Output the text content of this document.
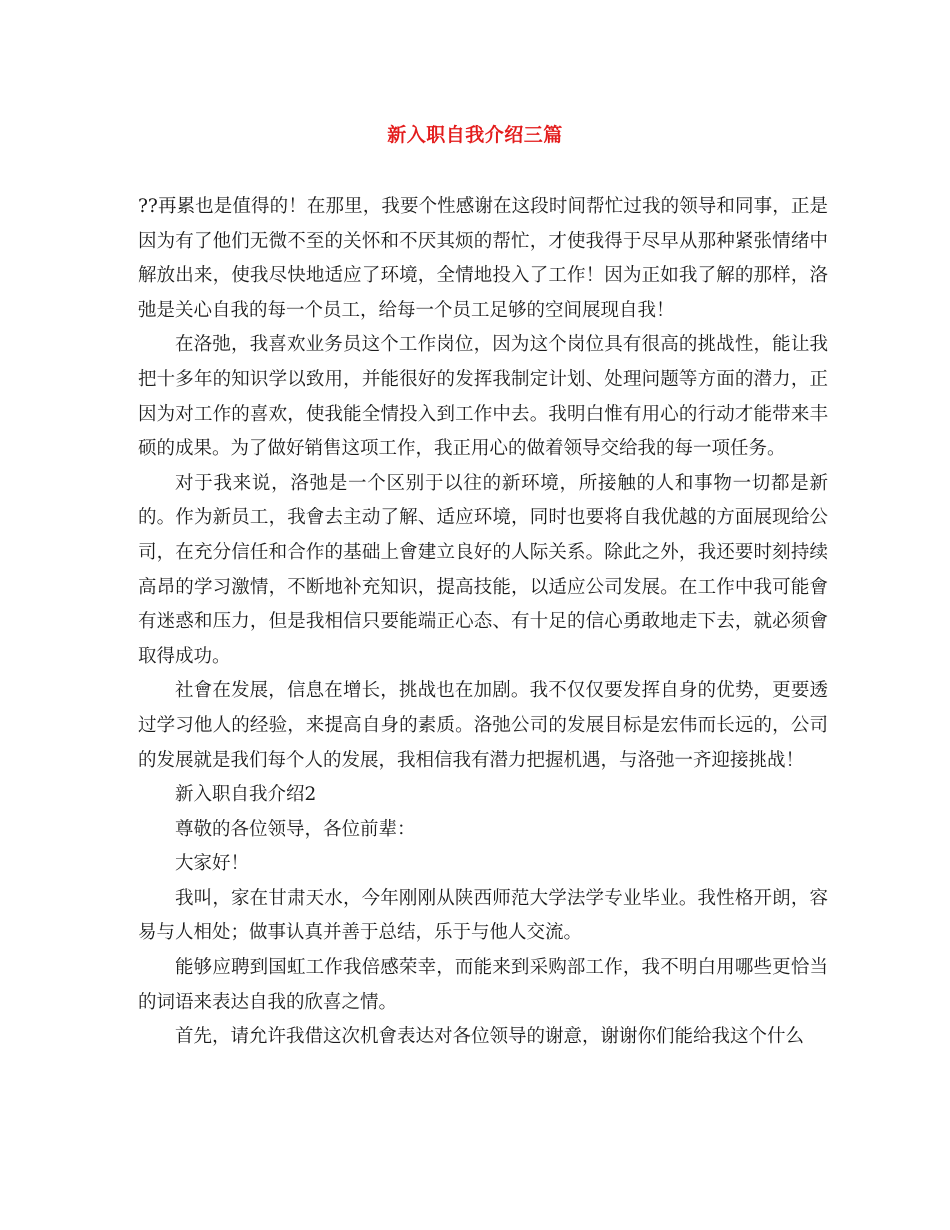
新入职自我介绍三篇

??再累也是值得的！在那里，我要个性感谢在这段时间帮忙过我的领导和同事，正是因为有了他们无微不至的关怀和不厌其烦的帮忙，才使我得于尽早从那种紧张情绪中解放出来，使我尽快地适应了环境，全情地投入了工作！因为正如我了解的那样，洛弛是关心自我的每一个员工，给每一个员工足够的空间展现自我！

在洛弛，我喜欢业务员这个工作岗位，因为这个岗位具有很高的挑战性，能让我把十多年的知识学以致用，并能很好的发挥我制定计划、处理问题等方面的潜力，正因为对工作的喜欢，使我能全情投入到工作中去。我明白惟有用心的行动才能带来丰硕的成果。为了做好销售这项工作，我正用心的做着领导交给我的每一项任务。

对于我来说，洛弛是一个区别于以往的新环境，所接触的人和事物一切都是新的。作为新员工，我會去主动了解、适应环境，同时也要将自我优越的方面展现给公司，在充分信任和合作的基础上會建立良好的人际关系。除此之外，我还要时刻持续高昂的学习激情，不断地补充知识，提高技能，以适应公司发展。在工作中我可能會有迷惑和压力，但是我相信只要能端正心态、有十足的信心勇敢地走下去，就必须會取得成功。

社會在发展，信息在增长，挑战也在加剧。我不仅仅要发挥自身的优势，更要透过学习他人的经验，来提高自身的素质。洛弛公司的发展目标是宏伟而长远的，公司的发展就是我们每个人的发展，我相信我有潜力把握机遇，与洛弛一齐迎接挑战！

新入职自我介绍2

尊敬的各位领导，各位前辈：

大家好！

我叫，家在甘肃天水，今年刚刚从陕西师范大学法学专业毕业。我性格开朗，容易与人相处；做事认真并善于总结，乐于与他人交流。

能够应聘到国虹工作我倍感荣幸，而能来到采购部工作，我不明白用哪些更恰当的词语来表达自我的欣喜之情。

首先，请允许我借这次机會表达对各位领导的谢意，谢谢你们能给我这个什么
